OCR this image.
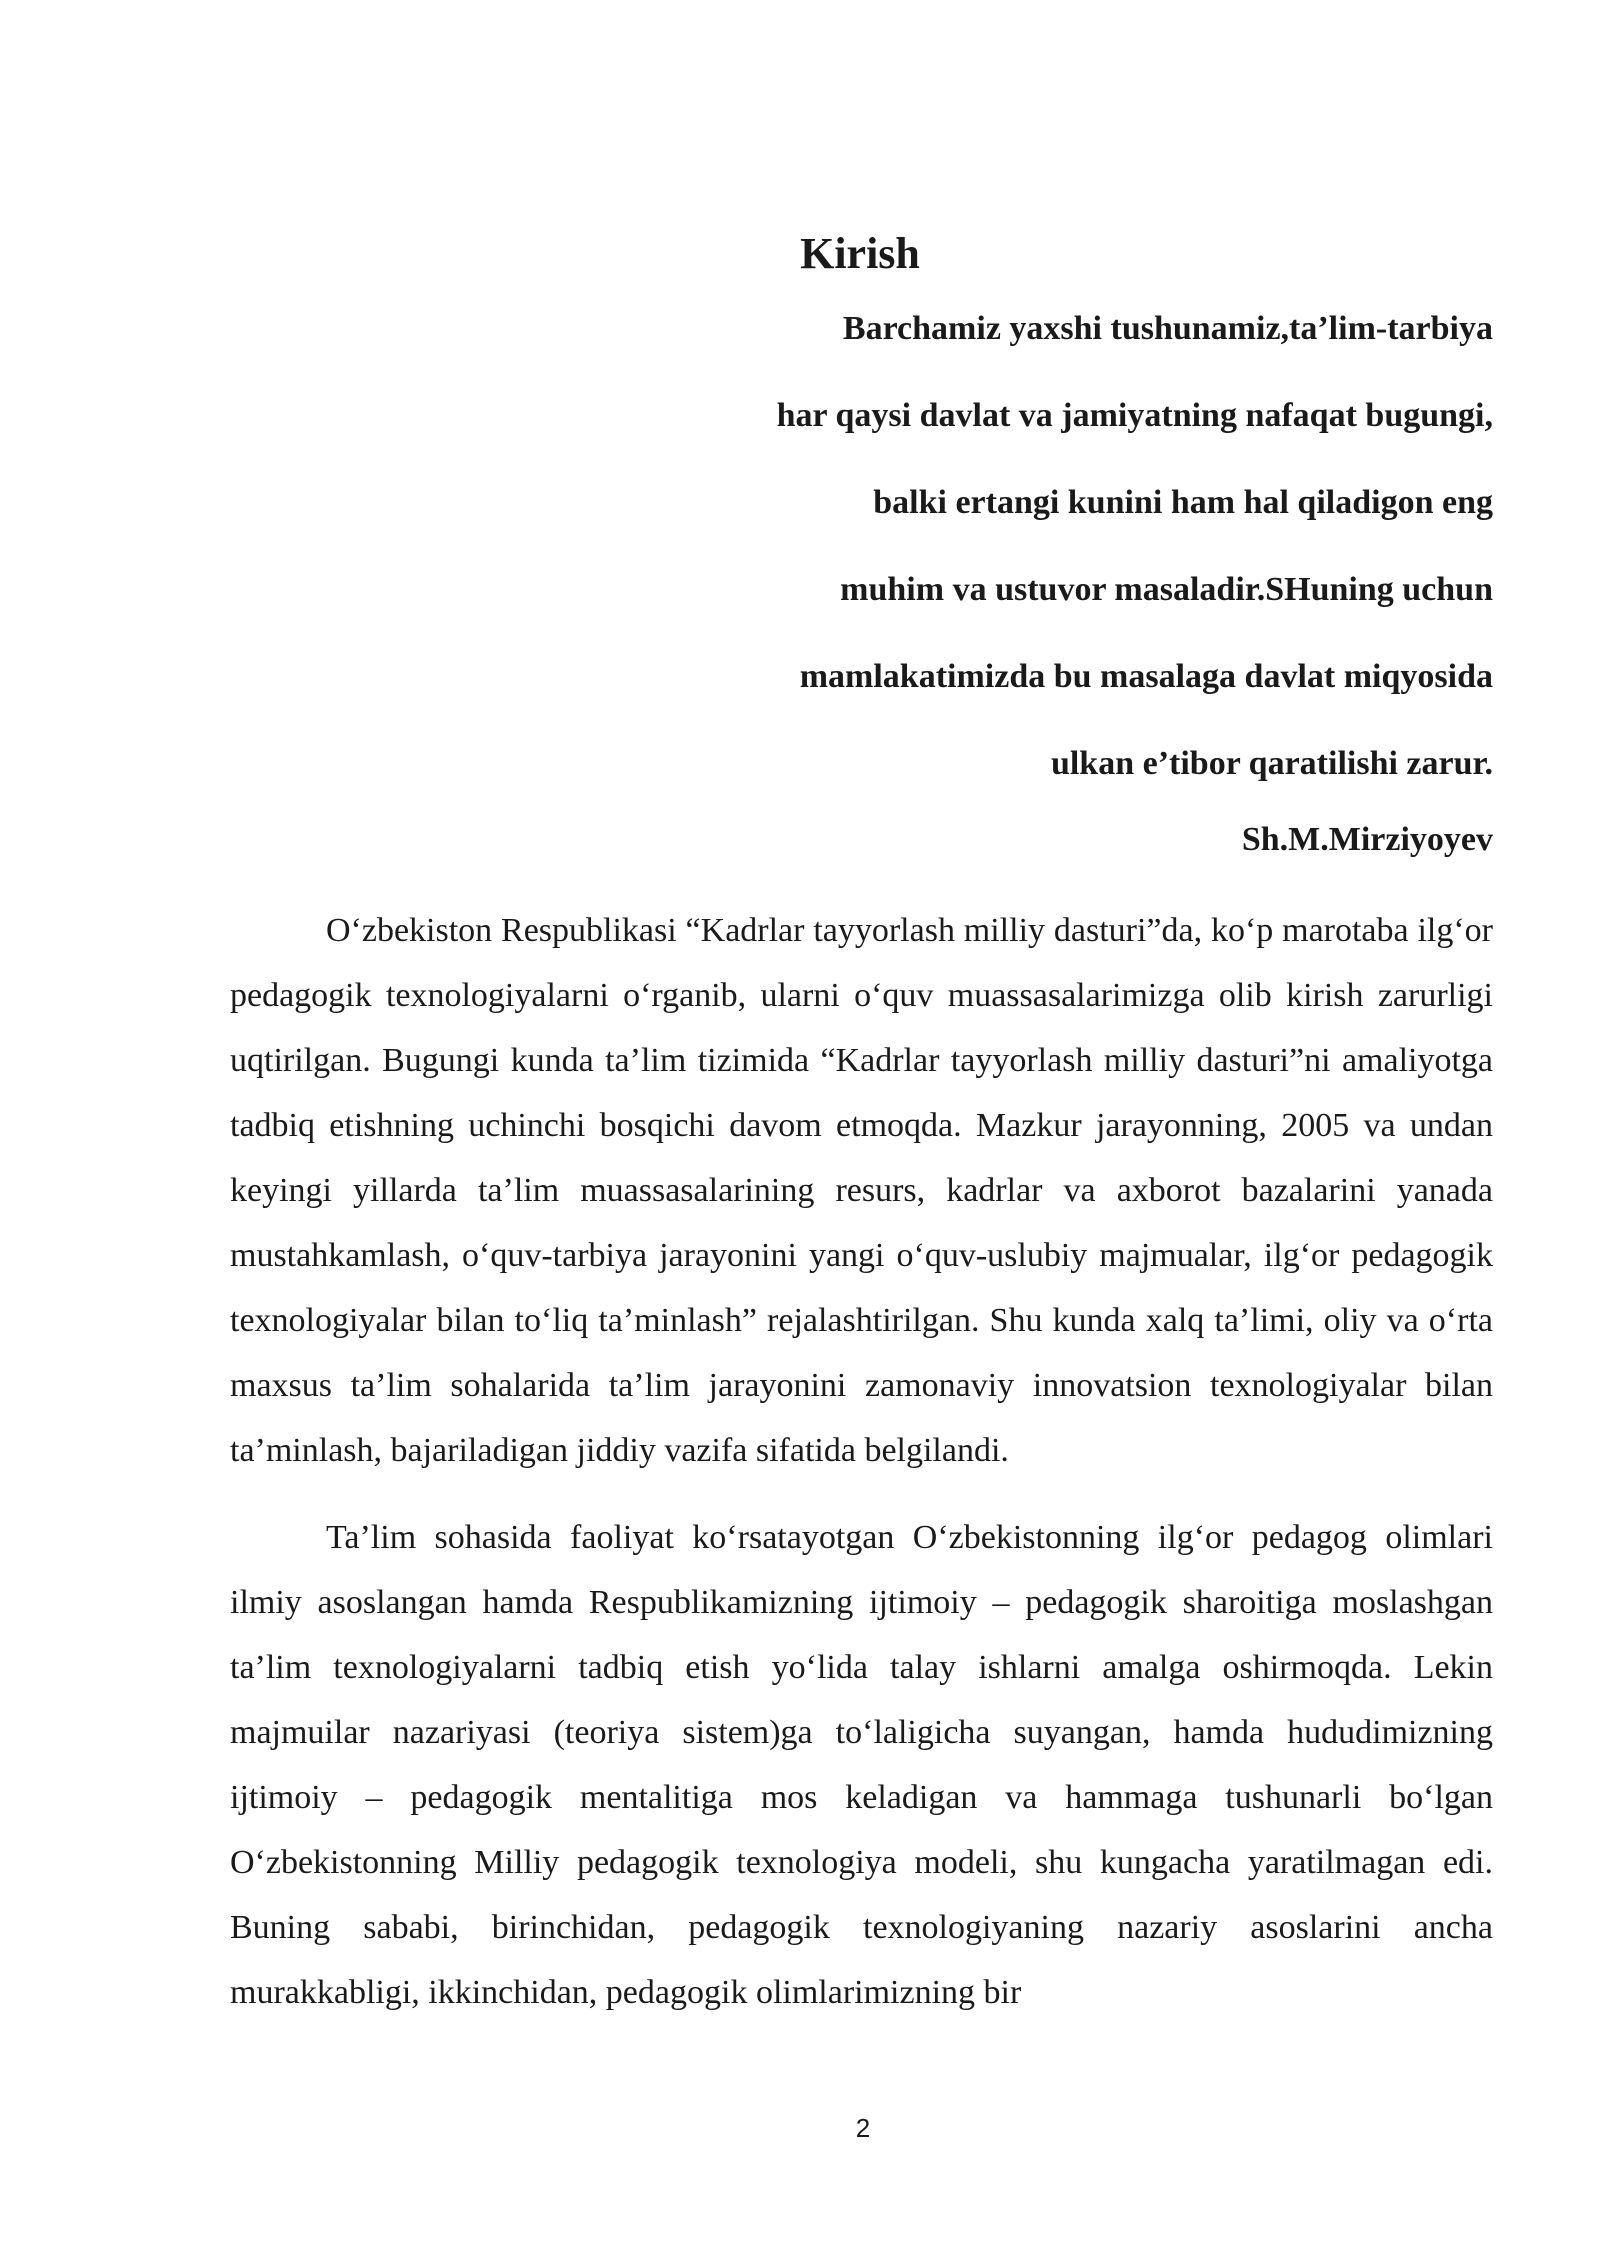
Kirish
Barchamiz yaxshi tushunamiz,ta’lim-tarbiya
har qaysi davlat va jamiyatning nafaqat bugungi,
balki ertangi kunini ham hal qiladigon eng
muhim va ustuvor masaladir.SHuning uchun
mamlakatimizda bu masalaga davlat miqyosida
ulkan e’tibor qaratilishi zarur.
Sh.M.Mirziyoyev

O‘zbekiston Respublikasi “Kadrlar tayyorlash milliy dasturi”da, ko‘p marotaba ilg‘or pedagogik texnologiyalarni o‘rganib, ularni o‘quv muassasalarimizga olib kirish zarurligi uqtirilgan. Bugungi kunda ta’lim tizimida “Kadrlar tayyorlash milliy dasturi”ni amaliyotga tadbiq etishning uchinchi bosqichi davom etmoqda. Mazkur jarayonning, 2005 va undan keyingi yillarda ta’lim muassasalarining resurs, kadrlar va axborot bazalarini yanada mustahkamlash, o‘quv-tarbiya jarayonini yangi o‘quv-uslubiy majmualar, ilg‘or pedagogik texnologiyalar bilan to‘liq ta’minlash” rejalashtirilgan. Shu kunda xalq ta’limi, oliy va o‘rta maxsus ta’lim sohalarida ta’lim jarayonini zamonaviy innovatsion texnologiyalar bilan ta’minlash, bajariladigan jiddiy vazifa sifatida belgilandi.

Ta’lim sohasida faoliyat ko‘rsatayotgan O‘zbekistonning ilg‘or pedagog olimlari ilmiy asoslangan hamda Respublikamizning ijtimoiy – pedagogik sharoitiga moslashgan ta’lim texnologiyalarni tadbiq etish yo‘lida talay ishlarni amalga oshirmoqda. Lekin majmuilar nazariyasi (teoriya sistem)ga to‘laligicha suyangan, hamda hududimizning ijtimoiy – pedagogik mentalitiga mos keladigan va hammaga tushunarli bo‘lgan O‘zbekistonning Milliy pedagogik texnologiya modeli, shu kungacha yaratilmagan edi. Buning sababi, birinchidan, pedagogik texnologiyaning nazariy asoslarini ancha murakkabligi, ikkinchidan, pedagogik olimlarimizning bir

2
